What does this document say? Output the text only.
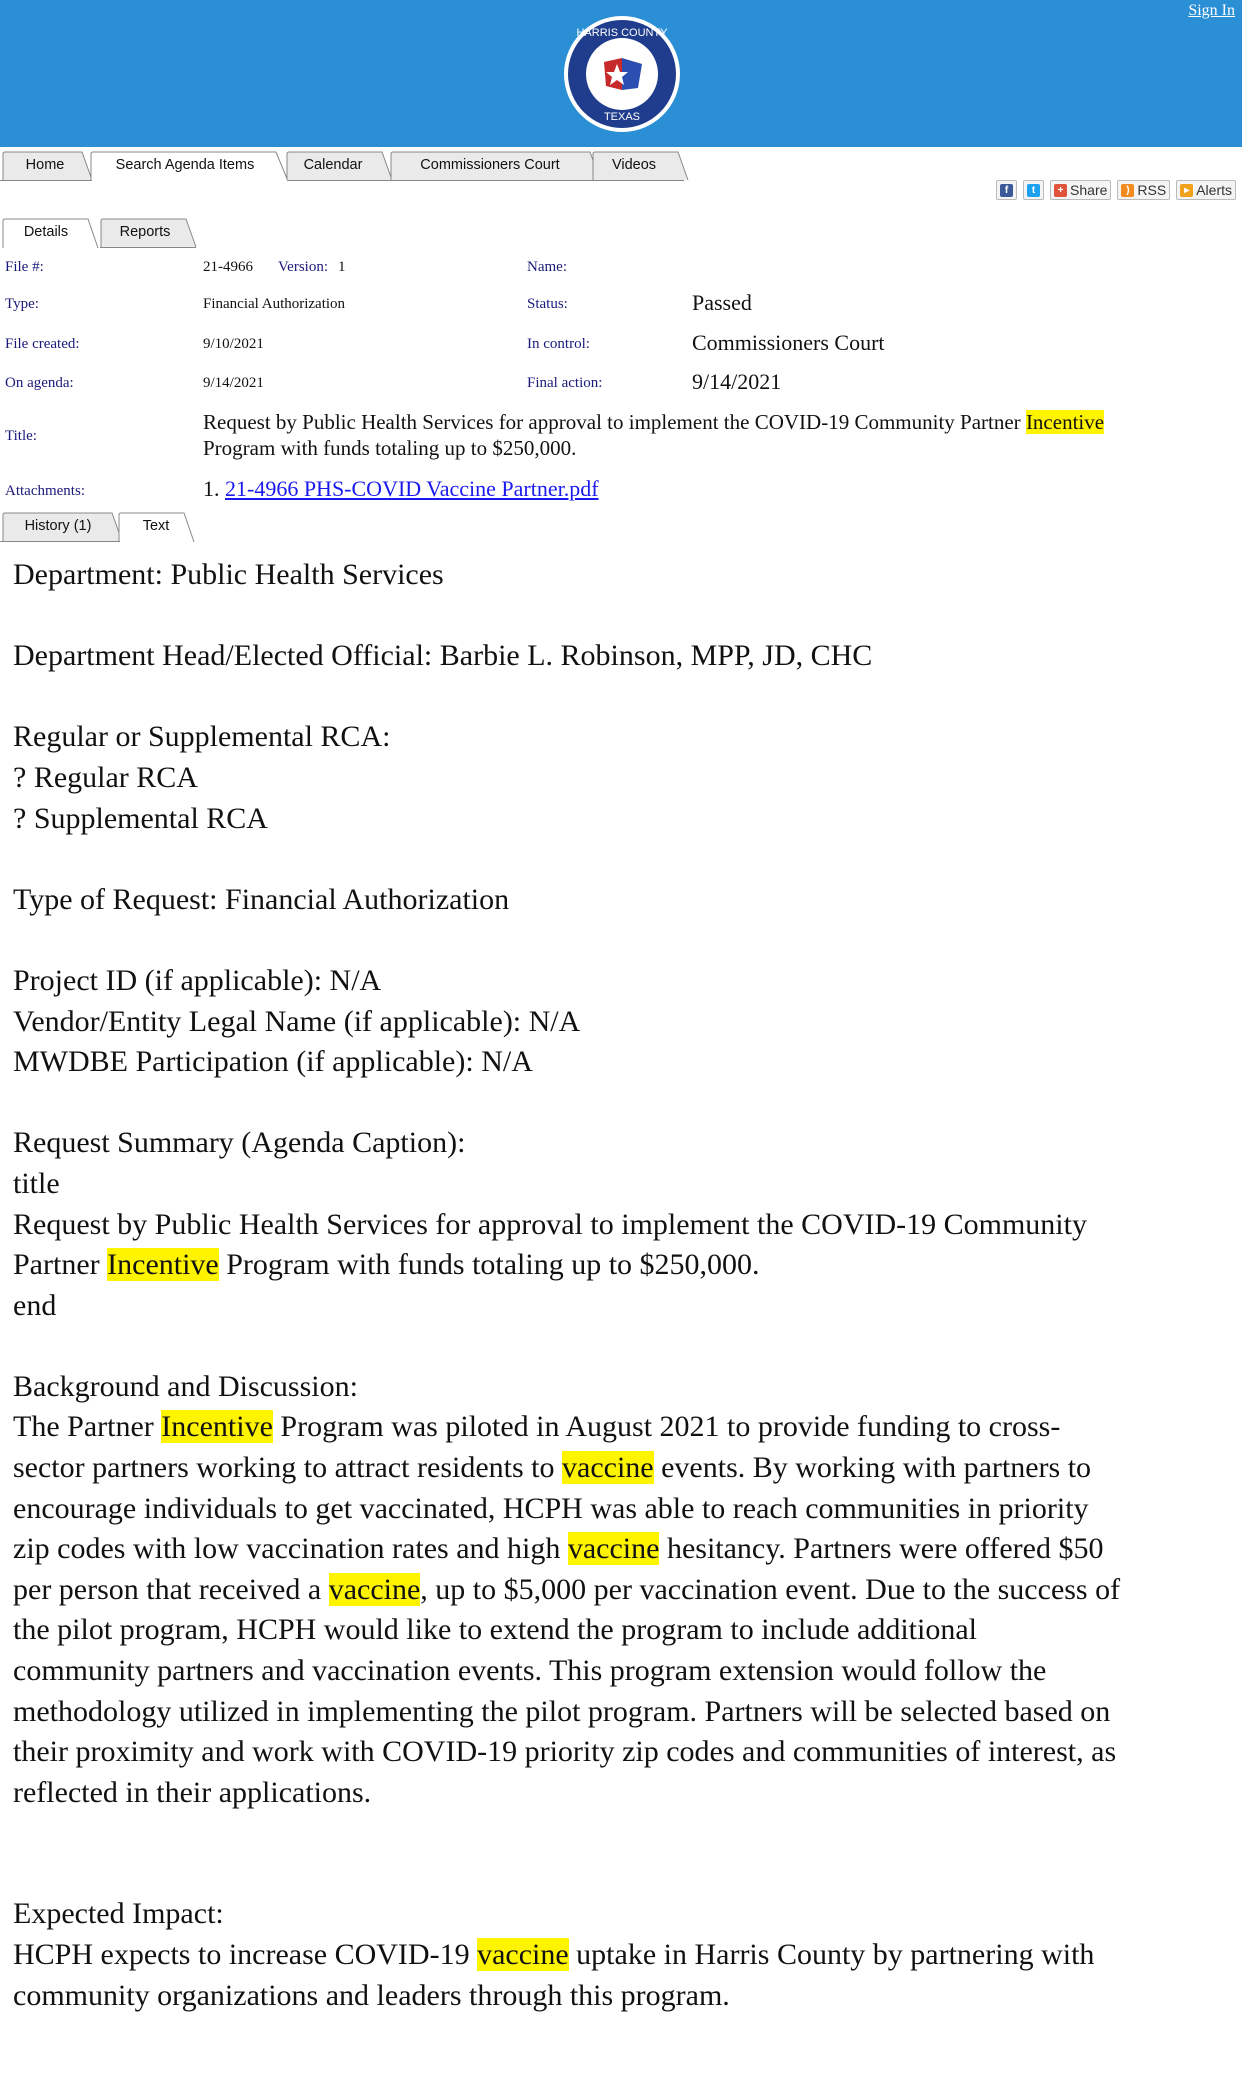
HARRIS COUNTY
TEXAS
Sign In
Home	Search Agenda Items	Calendar	Commissioners Court	Videos
f	t	+ Share	) RSS	▸ Alerts
Details	Reports
File #:	21-4966 Version: 1	Name:
Type:	Financial Authorization	Status:	Passed
File created:	9/10/2021	In control:	Commissioners Court
On agenda:	9/14/2021	Final action:	9/14/2021
Title:
Request by Public Health Services for approval to implement the COVID-19 Community Partner Incentive
Program with funds totaling up to $250,000.
Attachments:	1. 21-4966 PHS-COVID Vaccine Partner.pdf
History (1)	Text

Department: Public Health Services

Department Head/Elected Official: Barbie L. Robinson, MPP, JD, CHC

Regular or Supplemental RCA:

? Regular RCA

? Supplemental RCA

Type of Request: Financial Authorization

Project ID (if applicable): N/A

Vendor/Entity Legal Name (if applicable): N/A

MWDBE Participation (if applicable): N/A

Request Summary (Agenda Caption):

title

Request by Public Health Services for approval to implement the COVID-19 Community

Partner Incentive Program with funds totaling up to $250,000.

end

Background and Discussion:

The Partner Incentive Program was piloted in August 2021 to provide funding to cross-

sector partners working to attract residents to vaccine events. By working with partners to

encourage individuals to get vaccinated, HCPH was able to reach communities in priority

zip codes with low vaccination rates and high vaccine hesitancy. Partners were offered $50

per person that received a vaccine, up to $5,000 per vaccination event. Due to the success of

the pilot program, HCPH would like to extend the program to include additional

community partners and vaccination events. This program extension would follow the

methodology utilized in implementing the pilot program. Partners will be selected based on

their proximity and work with COVID-19 priority zip codes and communities of interest, as

reflected in their applications.

Expected Impact:

HCPH expects to increase COVID-19 vaccine uptake in Harris County by partnering with

community organizations and leaders through this program.
